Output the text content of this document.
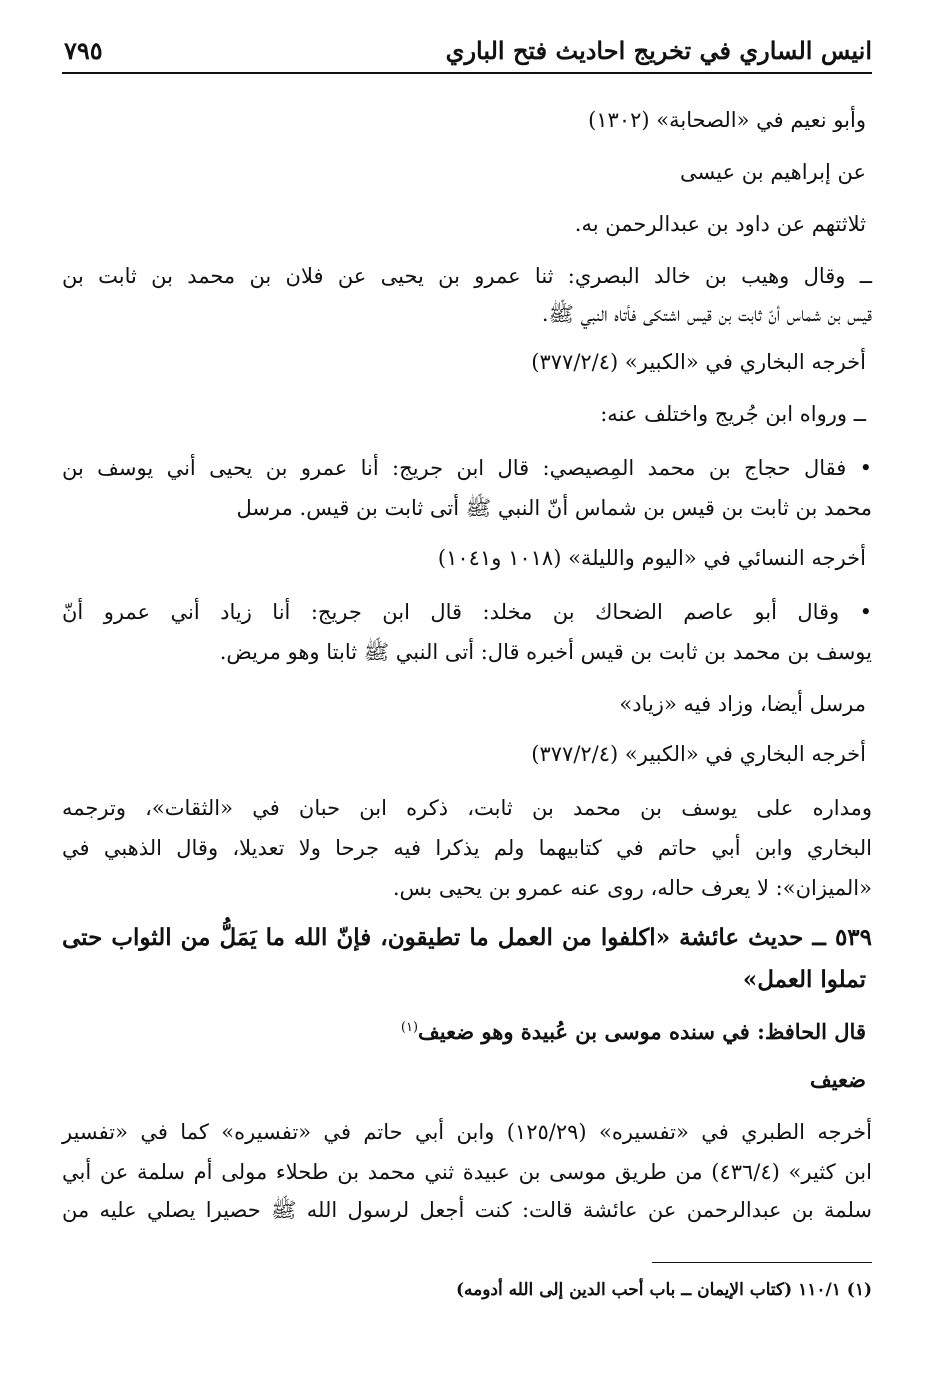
انيس الساري في تخريج احاديث فتح الباري
٧٩٥
وأبو نعيم في «الصحابة» (١٣٠٢)
عن إبراهيم بن عيسى
ثلاثتهم عن داود بن عبدالرحمن به.
ــ وقال وهيب بن خالد البصري: ثنا عمرو بن يحيى عن فلان بن محمد بن ثابت بن
قيس بن شماس أنّ ثابت بن قيس اشتكى فأتاه النبي ﷺ.
أخرجه البخاري في «الكبير» (٣٧٧/٢/٤)
ــ ورواه ابن جُريج واختلف عنه:
• فقال حجاج بن محمد المِصيصي: قال ابن جريج: أنا عمرو بن يحيى أني يوسف بن
محمد بن ثابت بن قيس بن شماس أنّ النبي ﷺ أتى ثابت بن قيس. مرسل
أخرجه النسائي في «اليوم والليلة» (١٠١٨ و١٠٤١)
• وقال أبو عاصم الضحاك بن مخلد: قال ابن جريج: أنا زياد أني عمرو أنّ
يوسف بن محمد بن ثابت بن قيس أخبره قال: أتى النبي ﷺ ثابتا وهو مريض.
مرسل أيضا، وزاد فيه «زياد»
أخرجه البخاري في «الكبير» (٣٧٧/٢/٤)
ومداره على يوسف بن محمد بن ثابت، ذكره ابن حبان في «الثقات»، وترجمه
البخاري وابن أبي حاتم في كتابيهما ولم يذكرا فيه جرحا ولا تعديلا، وقال الذهبي في
«الميزان»: لا يعرف حاله، روى عنه عمرو بن يحيى بس.
٥٣٩ ــ حديث عائشة «اكلفوا من العمل ما تطيقون، فإنّ الله ما يَمَلُّ من الثواب حتى
تملوا العمل»
قال الحافظ: في سنده موسى بن عُبيدة وهو ضعيف$^{(١)}$
ضعيف
أخرجه الطبري في «تفسيره» (١٢٥/٢٩) وابن أبي حاتم في «تفسيره» كما في «تفسير
ابن كثير» (٤٣٦/٤) من طريق موسى بن عبيدة ثني محمد بن طحلاء مولى أم سلمة عن أبي
سلمة بن عبدالرحمن عن عائشة قالت: كنت أجعل لرسول الله ﷺ حصيرا يصلي عليه من
(١) ١١٠/١ (كتاب الإيمان ــ باب أحب الدين إلى الله أدومه)
